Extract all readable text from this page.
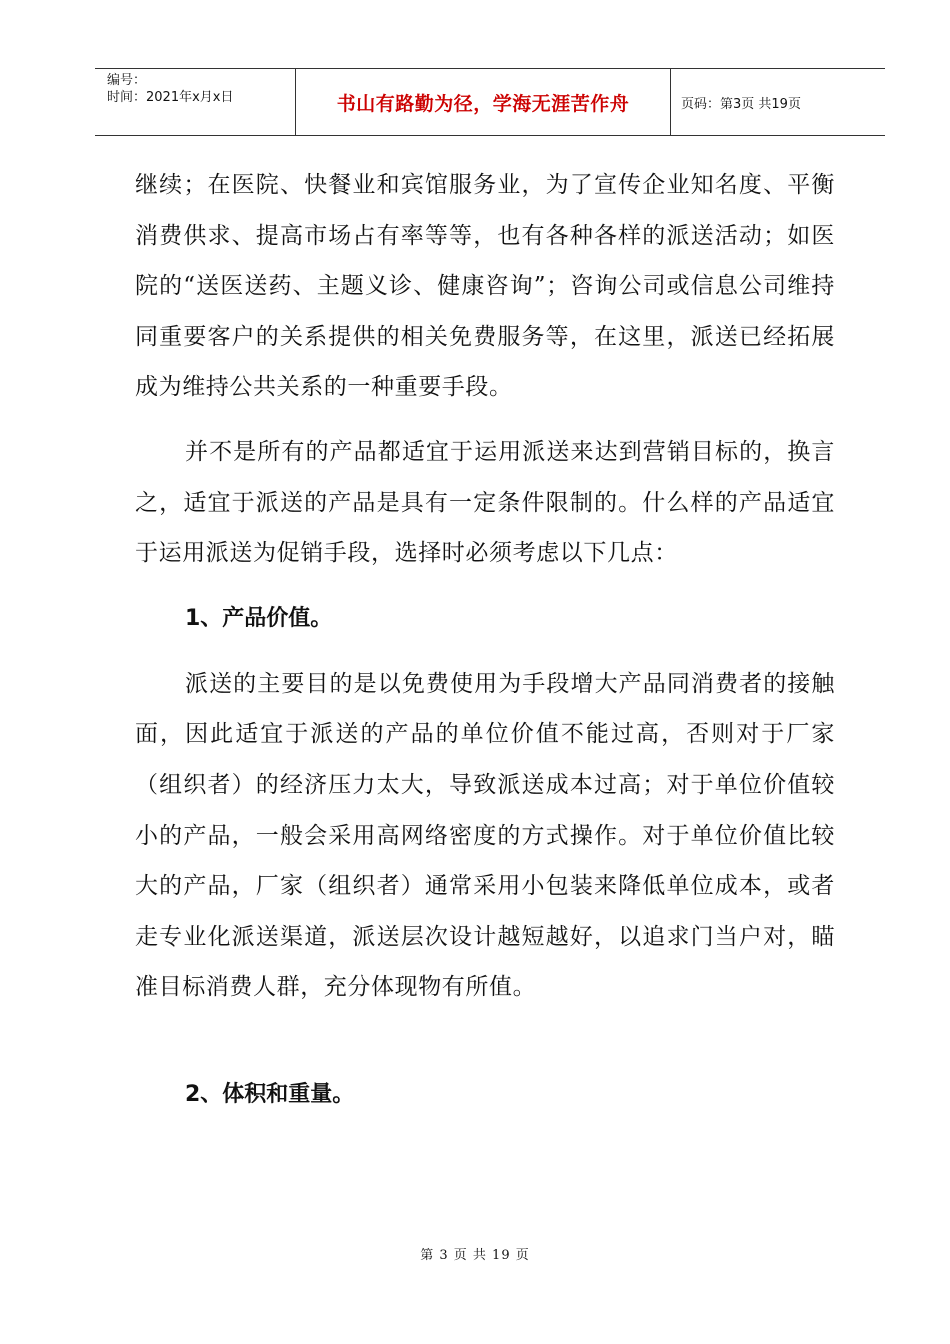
编号：
时间：2021年x月x日	书山有路勤为径，学海无涯苦作舟	页码：第3页 共19页

继续；在医院、快餐业和宾馆服务业，为了宣传企业知名度、平衡消费供求、提高市场占有率等等，也有各种各样的派送活动；如医院的“送医送药、主题义诊、健康咨询”；咨询公司或信息公司维持同重要客户的关系提供的相关免费服务等，在这里，派送已经拓展成为维持公共关系的一种重要手段。

并不是所有的产品都适宜于运用派送来达到营销目标的，换言之，适宜于派送的产品是具有一定条件限制的。什么样的产品适宜于运用派送为促销手段，选择时必须考虑以下几点：

1、产品价值。

派送的主要目的是以免费使用为手段增大产品同消费者的接触面，因此适宜于派送的产品的单位价值不能过高，否则对于厂家（组织者）的经济压力太大，导致派送成本过高；对于单位价值较小的产品，一般会采用高网络密度的方式操作。对于单位价值比较大的产品，厂家（组织者）通常采用小包装来降低单位成本，或者走专业化派送渠道，派送层次设计越短越好，以追求门当户对，瞄准目标消费人群，充分体现物有所值。

2、体积和重量。

第 3 页 共 19 页
